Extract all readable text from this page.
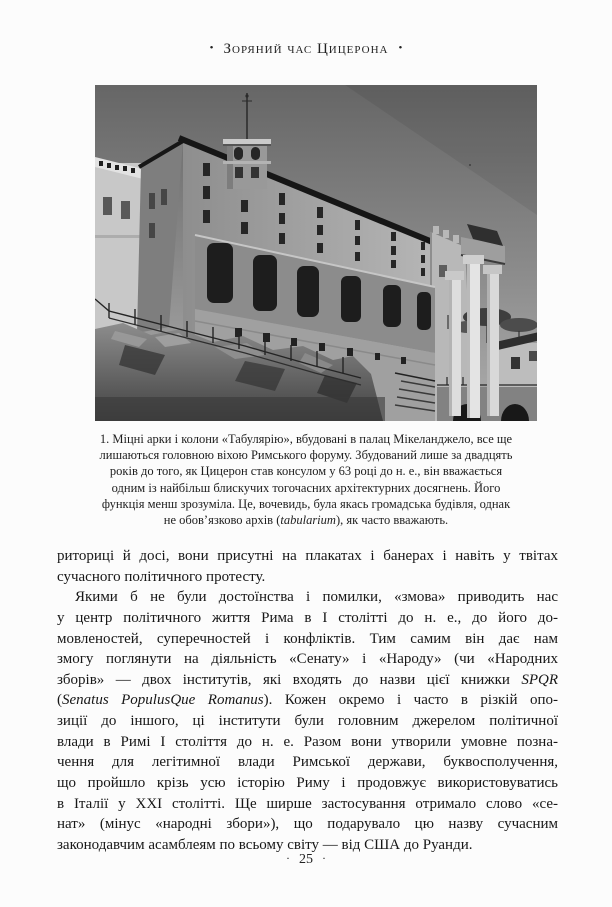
• Зоряний час Цицерона •
1. Міцні арки і колони «Табулярію», вбудовані в палац Мікеланджело, все ще
лишаються головною віхою Римського форуму. Збудований лише за двадцять
років до того, як Цицерон став консулом у 63 році до н. е., він вважається
одним із найбільш блискучих тогочасних архітектурних досягнень. Його
функція менш зрозуміла. Це, вочевидь, була якась громадська будівля, однак
не обов’язково архів (tabularium), як часто вважають.
риториці й досі, вони присутні на плакатах і банерах і навіть у твітах
сучасного політичного протесту.
Якими б не були достоїнства і помилки, «змова» приводить нас
у центр політичного життя Рима в І столітті до н. е., до його до-
мовленостей, суперечностей і конфліктів. Тим самим він дає нам
змогу поглянути на діяльність «Сенату» і «Народу» (чи «Народних
зборів» — двох інститутів, які входять до назви цієї книжки SPQR
(Senatus PopulusQue Romanus). Кожен окремо і часто в різкій опо-
зиції до іншого, ці інститути були головним джерелом політичної
влади в Римі І століття до н. е. Разом вони утворили умовне позна-
чення для легітимної влади Римської держави, буквосполучення,
що пройшло крізь усю історію Риму і продовжує використовуватись
в Італії у XXI столітті. Ще ширше застосування отримало слово «се-
нат» (мінус «народні збори»), що подарувало цю назву сучасним
законодавчим асамблеям по всьому світу — від США до Руанди.
· 25 ·
